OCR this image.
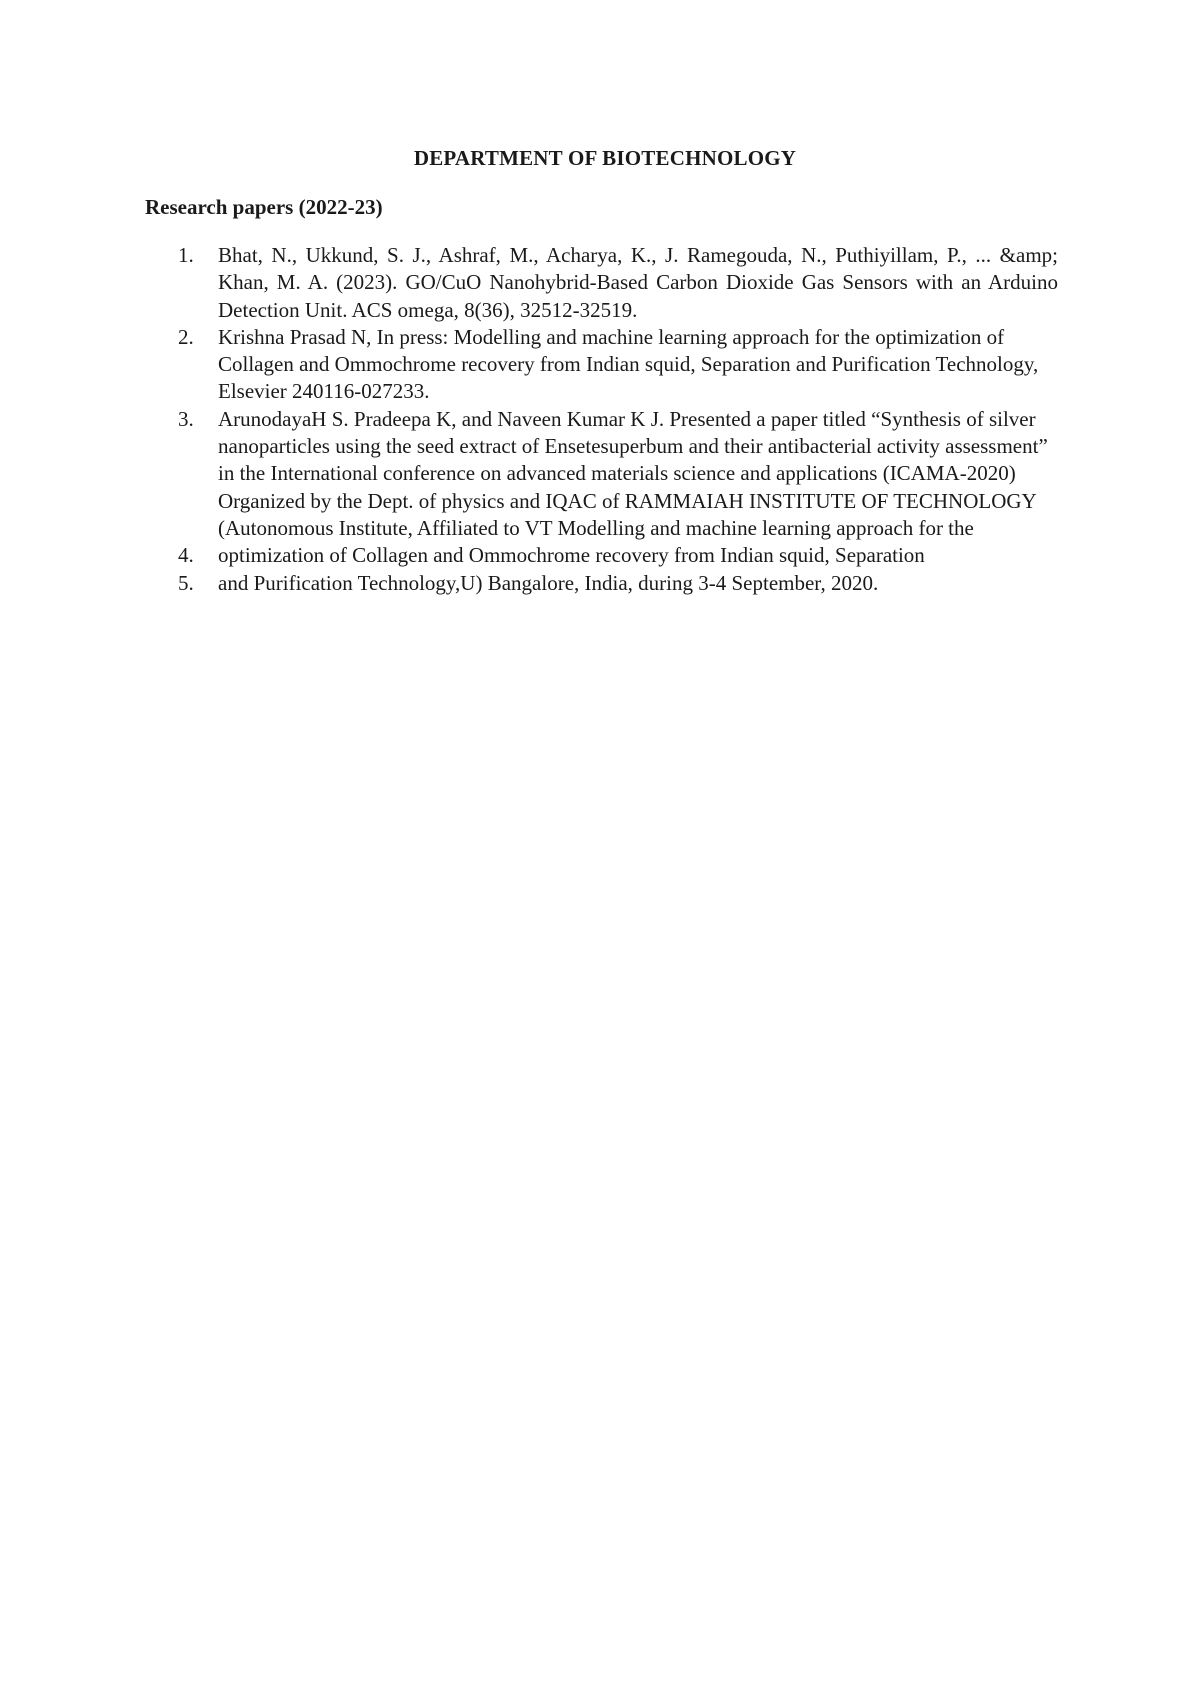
DEPARTMENT OF BIOTECHNOLOGY
Research papers (2022-23)
1. Bhat, N., Ukkund, S. J., Ashraf, M., Acharya, K., J. Ramegouda, N., Puthiyillam, P., ... &amp; Khan, M. A. (2023). GO/CuO Nanohybrid-Based Carbon Dioxide Gas Sensors with an Arduino Detection Unit. ACS omega, 8(36), 32512-32519.
2. Krishna Prasad N, In press: Modelling and machine learning approach for the optimization of Collagen and Ommochrome recovery from Indian squid, Separation and Purification Technology, Elsevier 240116-027233.
3. ArunodayaH S. Pradeepa K, and Naveen Kumar K J. Presented a paper titled “Synthesis of silver nanoparticles using the seed extract of Ensetesuperbum and their antibacterial activity assessment” in the International conference on advanced materials science and applications (ICAMA-2020) Organized by the Dept. of physics and IQAC of RAMMAIAH INSTITUTE OF TECHNOLOGY (Autonomous Institute, Affiliated to VT Modelling and machine learning approach for the
4. optimization of Collagen and Ommochrome recovery from Indian squid, Separation
5. and Purification Technology,U) Bangalore, India, during 3-4 September, 2020.
